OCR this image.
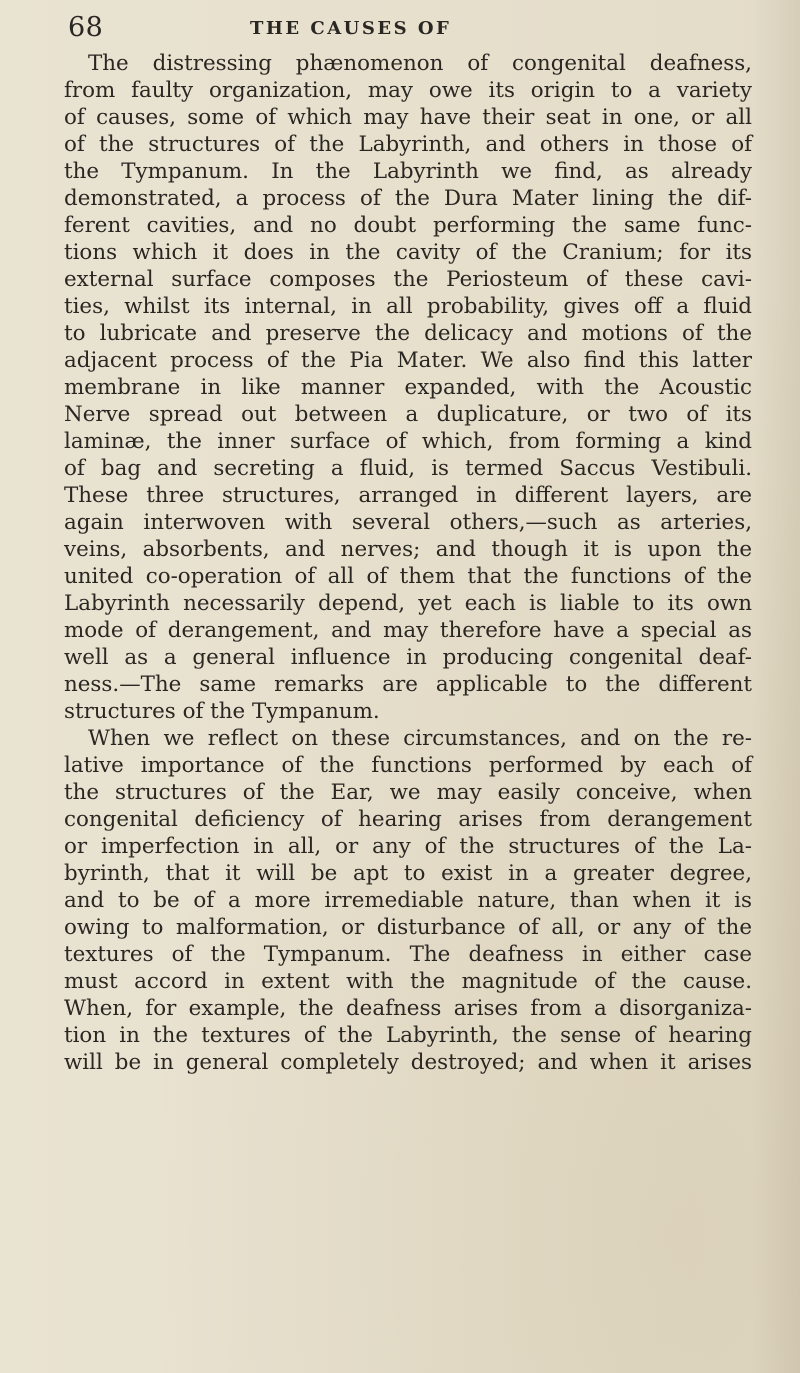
68	THE CAUSES OF
The distressing phænomenon of congenital deafness,
from faulty organization, may owe its origin to a variety
of causes, some of which may have their seat in one, or all
of the structures of the Labyrinth, and others in those of
the Tympanum. In the Labyrinth we find, as already
demonstrated, a process of the Dura Mater lining the dif-
ferent cavities, and no doubt performing the same func-
tions which it does in the cavity of the Cranium; for its
external surface composes the Periosteum of these cavi-
ties, whilst its internal, in all probability, gives off a fluid
to lubricate and preserve the delicacy and motions of the
adjacent process of the Pia Mater. We also find this latter
membrane in like manner expanded, with the Acoustic
Nerve spread out between a duplicature, or two of its
laminæ, the inner surface of which, from forming a kind
of bag and secreting a fluid, is termed Saccus Vestibuli.
These three structures, arranged in different layers, are
again interwoven with several others,—such as arteries,
veins, absorbents, and nerves; and though it is upon the
united co-operation of all of them that the functions of the
Labyrinth necessarily depend, yet each is liable to its own
mode of derangement, and may therefore have a special as
well as a general influence in producing congenital deaf-
ness.—The same remarks are applicable to the different
structures of the Tympanum.
When we reflect on these circumstances, and on the re-
lative importance of the functions performed by each of
the structures of the Ear, we may easily conceive, when
congenital deficiency of hearing arises from derangement
or imperfection in all, or any of the structures of the La-
byrinth, that it will be apt to exist in a greater degree,
and to be of a more irremediable nature, than when it is
owing to malformation, or disturbance of all, or any of the
textures of the Tympanum. The deafness in either case
must accord in extent with the magnitude of the cause.
When, for example, the deafness arises from a disorganiza-
tion in the textures of the Labyrinth, the sense of hearing
will be in general completely destroyed; and when it arises
